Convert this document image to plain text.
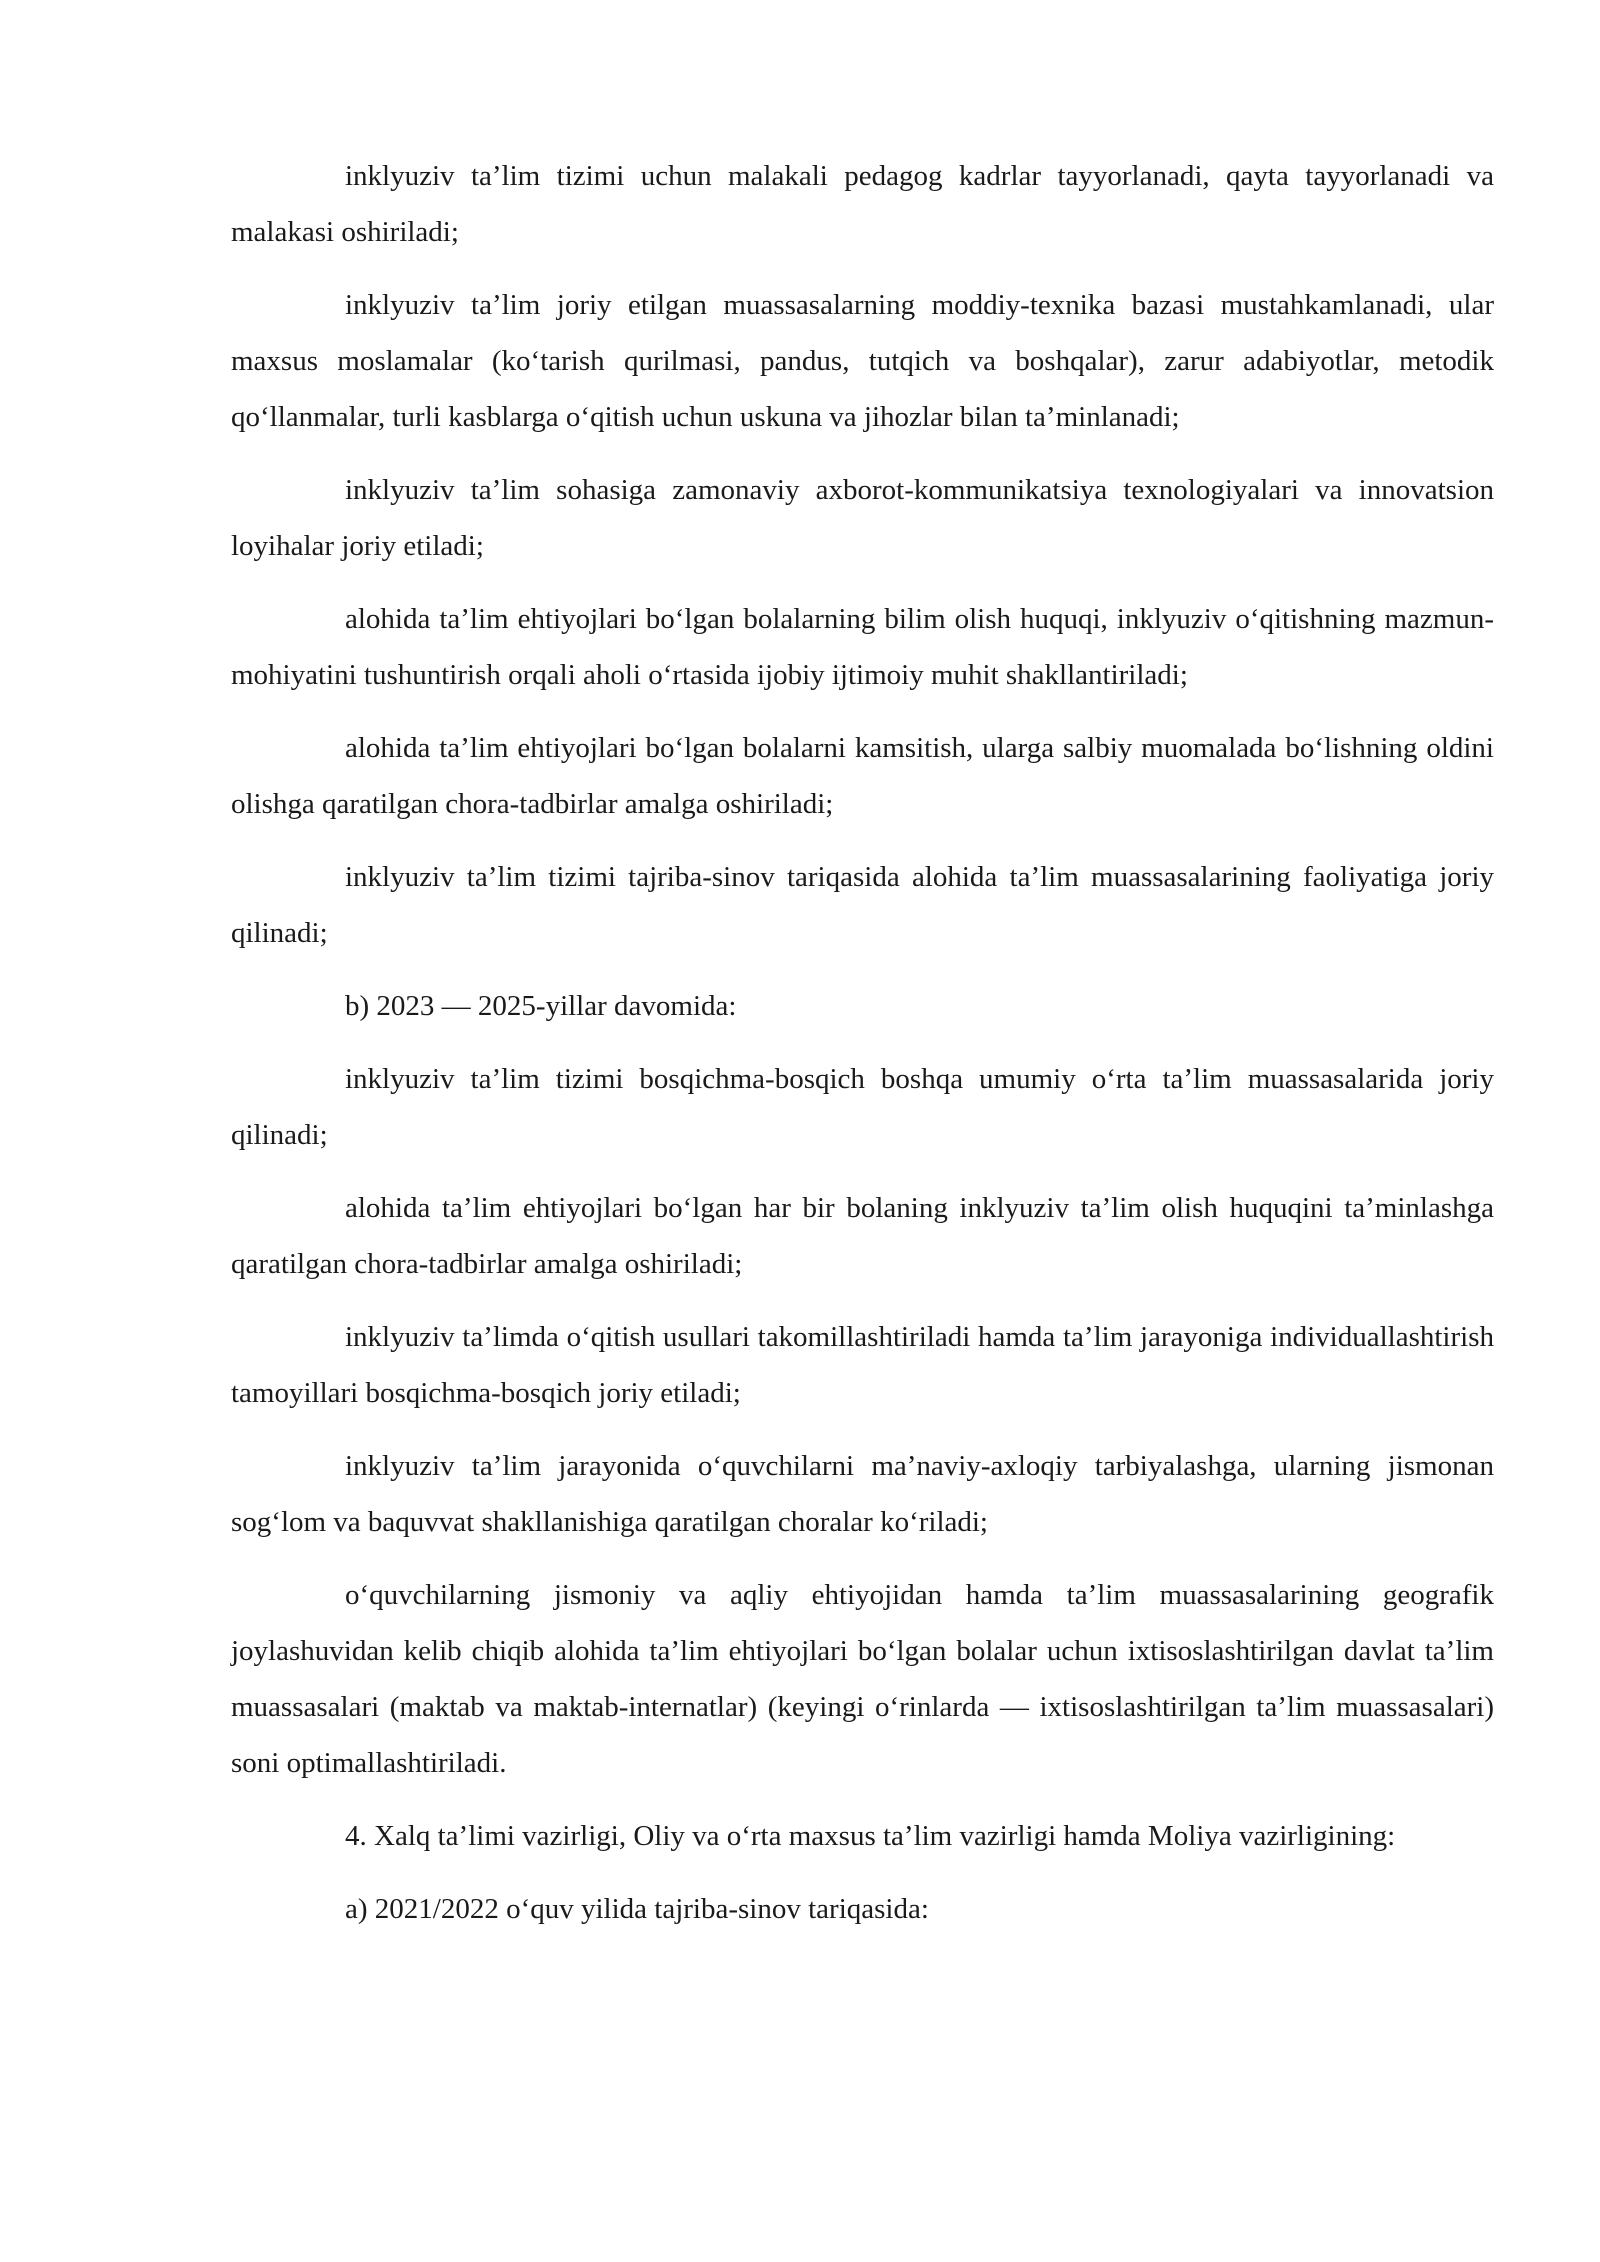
inklyuziv ta’lim tizimi uchun malakali pedagog kadrlar tayyorlanadi, qayta tayyorlanadi va malakasi oshiriladi;

inklyuziv ta’lim joriy etilgan muassasalarning moddiy-texnika bazasi mustahkamlanadi, ular maxsus moslamalar (ko‘tarish qurilmasi, pandus, tutqich va boshqalar), zarur adabiyotlar, metodik qo‘llanmalar, turli kasblarga o‘qitish uchun uskuna va jihozlar bilan ta’minlanadi;

inklyuziv ta’lim sohasiga zamonaviy axborot-kommunikatsiya texnologiyalari va innovatsion loyihalar joriy etiladi;

alohida ta’lim ehtiyojlari bo‘lgan bolalarning bilim olish huquqi, inklyuziv o‘qitishning mazmun-mohiyatini tushuntirish orqali aholi o‘rtasida ijobiy ijtimoiy muhit shakllantiriladi;

alohida ta’lim ehtiyojlari bo‘lgan bolalarni kamsitish, ularga salbiy muomalada bo‘lishning oldini olishga qaratilgan chora-tadbirlar amalga oshiriladi;

inklyuziv ta’lim tizimi tajriba-sinov tariqasida alohida ta’lim muassasalarining faoliyatiga joriy qilinadi;

b) 2023 — 2025-yillar davomida:

inklyuziv ta’lim tizimi bosqichma-bosqich boshqa umumiy o‘rta ta’lim muassasalarida joriy qilinadi;

alohida ta’lim ehtiyojlari bo‘lgan har bir bolaning inklyuziv ta’lim olish huquqini ta’minlashga qaratilgan chora-tadbirlar amalga oshiriladi;

inklyuziv ta’limda o‘qitish usullari takomillashtiriladi hamda ta’lim jarayoniga individuallashtirish tamoyillari bosqichma-bosqich joriy etiladi;

inklyuziv ta’lim jarayonida o‘quvchilarni ma’naviy-axloqiy tarbiyalashga, ularning jismonan sog‘lom va baquvvat shakllanishiga qaratilgan choralar ko‘riladi;

o‘quvchilarning jismoniy va aqliy ehtiyojidan hamda ta’lim muassasalarining geografik joylashuvidan kelib chiqib alohida ta’lim ehtiyojlari bo‘lgan bolalar uchun ixtisoslashtirilgan davlat ta’lim muassasalari (maktab va maktab-internatlar) (keyingi o‘rinlarda — ixtisoslashtirilgan ta’lim muassasalari) soni optimallashtiriladi.

4. Xalq ta’limi vazirligi, Oliy va o‘rta maxsus ta’lim vazirligi hamda Moliya vazirligining:

a) 2021/2022 o‘quv yilida tajriba-sinov tariqasida:
